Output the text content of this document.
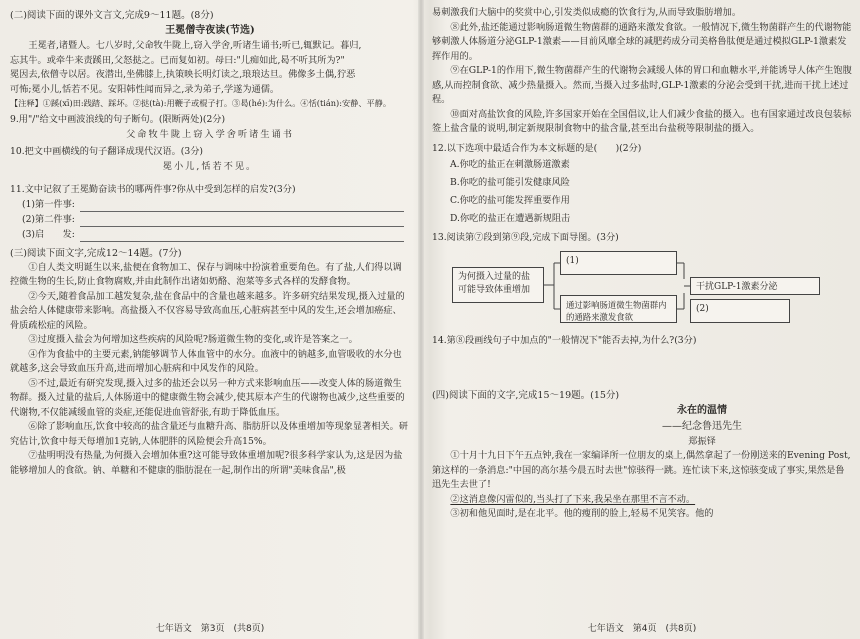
(二)阅读下面的课外文言文,完成9～11题。(8分)
王冕僧寺夜读(节选)

王冕者,诸暨人。七八岁时,父命牧牛陇上,窃入学舍,听诸生诵书;听已,辄默记。暮归,

忘其牛。或牵牛来责蹊田,父怒挞之。已而复如初。母曰:"儿痴如此,曷不听其所为?"

冕因去,依僧寺以居。夜潜出,坐佛膝上,执策映长明灯读之,琅琅达旦。佛像多土偶,狞恶

可怖;冕小儿,恬若不见。安阳韩性闻而异之,录为弟子,学遂为通儒。

【注释】①蹊(xī)田:践踏、踩坏。②挞(tà):用鞭子或棍子打。③曷(hé):为什么。④恬(tián):安静、平静。

9.用"/"给文中画波浪线的句子断句。(限断两处)(2分)

父命牧牛陇上窃入学舍听诸生诵书

10.把文中画横线的句子翻译成现代汉语。(3分)

冕小儿,恬若不见。

11.文中记叙了王冕勤奋读书的哪两件事?你从中受到怎样的启发?(3分)

(1)第一件事:
(2)第二件事:
(3)启　　发:
(三)阅读下面文字,完成12～14题。(7分)

①自人类文明诞生以来,盐便在食物加工、保存与调味中扮演着重要角色。有了盐,人们得以调控微生物的生长,防止食物腐败,并由此制作出诸如奶酪、泡菜等多式各样的发酵食物。

②今天,随着食品加工越发复杂,盐在食品中的含量也越来越多。许多研究结果发现,摄入过量的盐会给人体健康带来影响。高盐摄入不仅容易导致高血压,心脏病甚至中风的发生,还会增加癌症、骨质疏松症的风险。

③过度摄入盐会为何增加这些疾病的风险呢?肠道微生物的变化,或许是答案之一。

④作为食盐中的主要元素,钠能够调节人体血管中的水分。血液中的钠越多,血管吸收的水分也就越多,这会导致血压升高,进而增加心脏病和中风发作的风险。

⑤不过,最近有研究发现,摄入过多的盐还会以另一种方式来影响血压——改变人体的肠道微生物群。摄入过量的盐后,人体肠道中的健康微生物会减少,使其原本产生的代谢物也减少,这些重要的代谢物,不仅能减缓血管的炎症,还能促进血管舒张,有助于降低血压。

⑥除了影响血压,饮食中较高的盐含量还与血糖升高、脂肪肝以及体重增加等现象显著相关。研究估计,饮食中每天每增加1克钠,人体肥胖的风险便会升高15%。

⑦盐明明没有热量,为何摄入会增加体重?这可能导致体重增加呢?很多科学家认为,这是因为盐能够增加人的食欲。钠、单糖和不健康的脂肪混在一起,制作出的所谓"美味食品",极

七年语文　第3页　(共8页)

易刺激我们大脑中的奖赏中心,引发类似成瘾的饮食行为,从而导致脂肪增加。

⑧此外,盐还能通过影响肠道微生物菌群的通路来激发食欲。一般情况下,微生物菌群产生的代谢物能够刺激人体肠道分泌GLP-1激素——目前风靡全球的减肥药成分司美格鲁肽便是通过模拟GLP-1激素发挥作用的。

⑨在GLP-1的作用下,微生物菌群产生的代谢物会减缓人体的胃口和血糖水平,并能诱导人体产生饱腹感,从而控制食欲、减少热量摄入。然而,当摄入过多盐时,GLP-1激素的分泌会受到干扰,进而干扰上述过程。

⑩面对高盐饮食的风险,许多国家开始在全国倡议,让人们减少食盐的摄入。也有国家通过改良包装标签上盐含量的说明,制定新规限制食物中的盐含量,甚至出台盐税等限制盐的摄入。

12.以下选项中最适合作为本文标题的是(　　)(2分)

A.你吃的盐正在刺激肠道激素
B.你吃的盐可能引发健康风险
C.你吃的盐可能发挥重要作用
D.你吃的盐正在遭遇新规阻击

13.阅读第⑦段到第⑨段,完成下面导图。(3分)

为何摄入过量的盐可能导致体重增加
(1)
通过影响肠道微生物菌群内的通路来激发食欲
干扰GLP-1激素分泌
(2)

14.第⑧段画线句子中加点的"一般情况下"能否去掉,为什么?(3分)

(四)阅读下面的文字,完成15～19题。(15分)
永在的温情
——纪念鲁迅先生
郑振铎

①十月十九日下午五点钟,我在一家编译所一位朋友的桌上,偶然拿起了一份刚送来的Evening Post,第这样的一条消息:"中国的高尔基今晨五时去世"惊骇得一跳。连忙读下来,这惊骇变成了事实,果然是鲁迅先生去世了!

②这消息像闪雷似的,当头打了下来,我呆坐在那里不言不动。

③初和他见面时,是在北平。他的瘦削的脸上,轻易不见笑容。他的

七年语文　第4页　(共8页)
